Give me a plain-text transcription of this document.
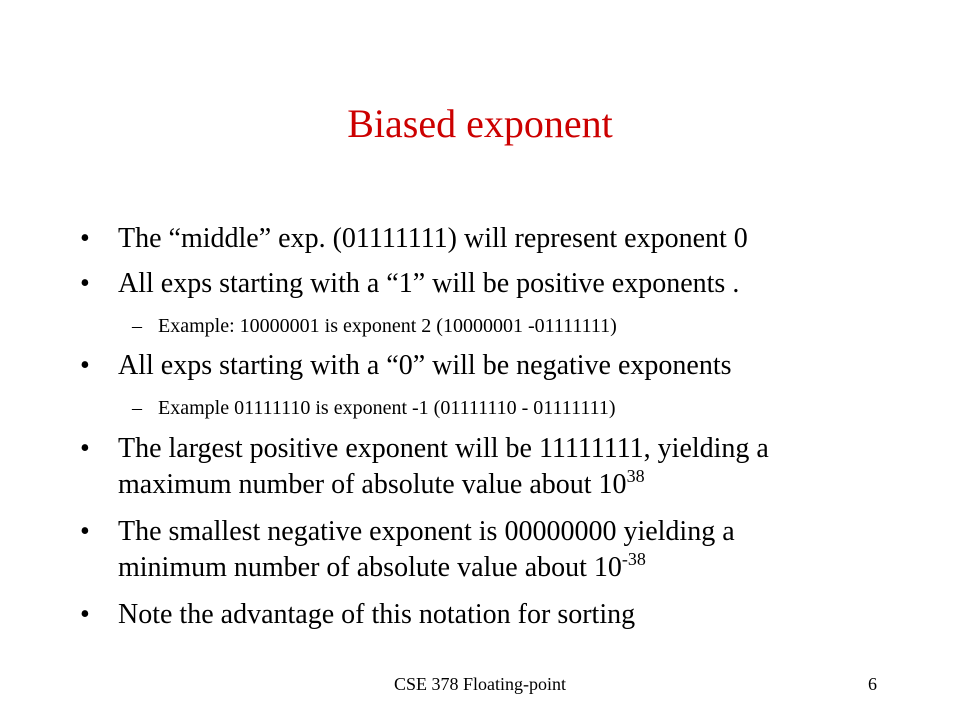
Biased exponent
• The “middle” exp. (01111111) will represent exponent 0
• All exps starting with a “1” will be positive exponents .
– Example: 10000001 is exponent 2 (10000001 -01111111)
• All exps starting with a “0” will be negative exponents
– Example 01111110 is exponent -1 (01111110 - 01111111)
• The largest positive exponent will be 11111111, yielding a
maximum number of absolute value about $10^{38}$
• The smallest negative exponent is 00000000 yielding a
minimum number of absolute value about $10^{-38}$
• Note the advantage of this notation for sorting
CSE 378 Floating-point	6
